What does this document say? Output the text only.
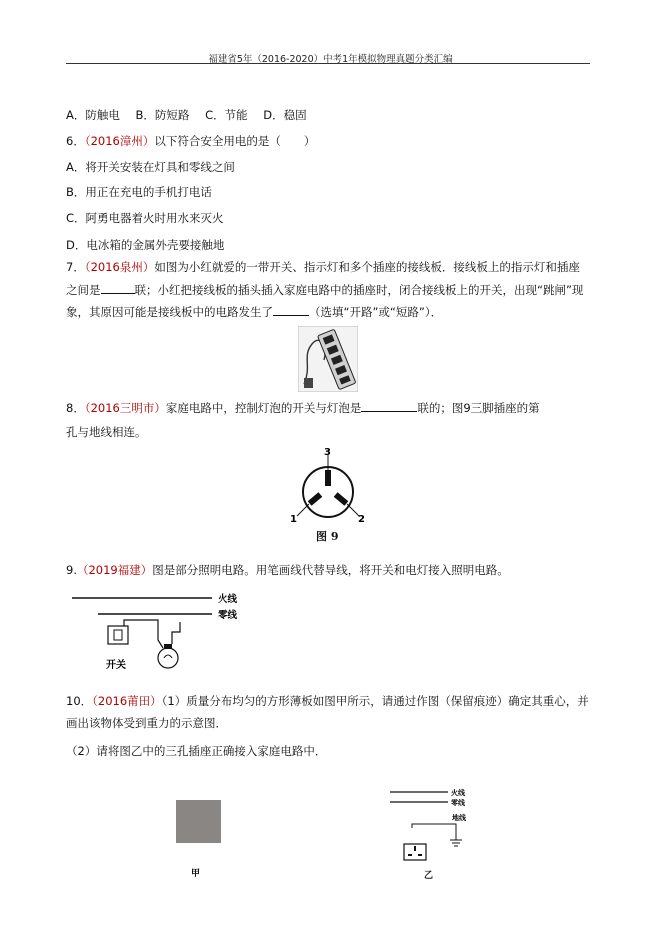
福建省5年（2016-2020）中考1年模拟物理真题分类汇编
A．防触电 B．防短路 C．节能 D．稳固
6．（2016漳州）以下符合安全用电的是（　　）
A．将开关安装在灯具和零线之间
B．用正在充电的手机打电话
C．阿勇电器着火时用水来灭火
D．电冰箱的金属外壳要接触地
7．（2016泉州）如图为小红就爱的一带开关、指示灯和多个插座的接线板．接线板上的指示灯和插座
之间是	联；小红把接线板的插头插入家庭电路中的插座时，闭合接线板上的开关，出现“跳闸”现
象，其原因可能是接线板中的电路发生了	（选填“开路”或“短路”）．
8．（2016三明市）家庭电路中，控制灯泡的开关与灯泡是	联的；图9三脚插座的第
孔与地线相连。
3
1	2
图 9
9.（2019福建）图是部分照明电路。用笔画线代替导线，将开关和电灯接入照明电路。
火线
零线
开关
10．（2016莆田）（1）质量分布均匀的方形薄板如图甲所示，请通过作图（保留痕迹）确定其重心，并
画出该物体受到重力的示意图．
（2）请将图乙中的三孔插座正确接入家庭电路中．
甲
火线
零线
地线
乙
